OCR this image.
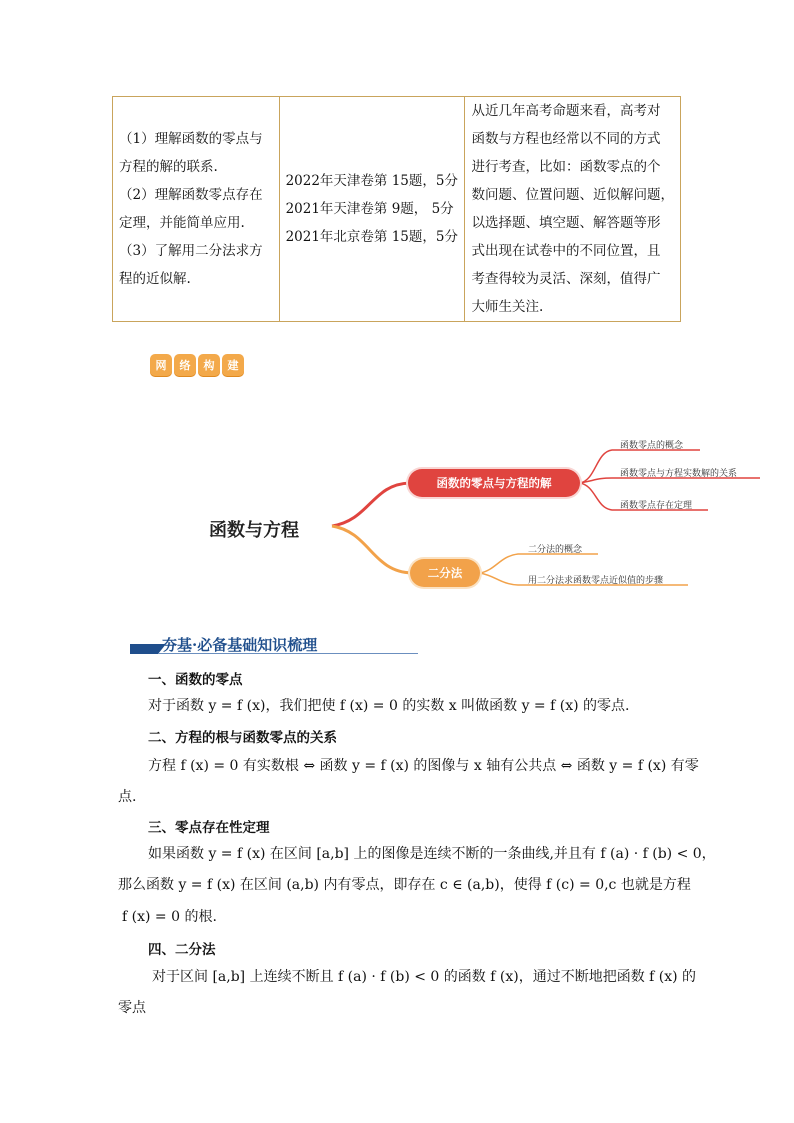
（1）理解函数的零点与
方程的解的联系.
（2）理解函数零点存在
定理，并能简单应用.
（3）了解用二分法求方
程的近似解.

2022年天津卷第 15题，5分
2021年天津卷第 9题， 5分
2021年北京卷第 15题，5分

从近几年高考命题来看，高考对
函数与方程也经常以不同的方式
进行考查，比如：函数零点的个
数问题、位置问题、近似解问题，
以选择题、填空题、解答题等形
式出现在试卷中的不同位置，且
考查得较为灵活、深刻，值得广
大师生关注.
网	络	构	建
函数与方程
函数的零点与方程的解
二分法
函数零点的概念
函数零点与方程实数解的关系
函数零点存在定理
二分法的概念
用二分法求函数零点近似值的步骤
夯基·必备基础知识梳理
一、函数的零点
对于函数 y = f (x)，我们把使 f (x) = 0 的实数 x 叫做函数 y = f (x) 的零点.
二、方程的根与函数零点的关系
方程 f (x) = 0 有实数根 ⇔ 函数 y = f (x) 的图像与 x 轴有公共点 ⇔ 函数 y = f (x) 有零
点.
三、零点存在性定理
如果函数 y = f (x) 在区间 [a,b] 上的图像是连续不断的一条曲线,并且有 f (a) · f (b) < 0，
那么函数 y = f (x) 在区间 (a,b) 内有零点，即存在 c ∈ (a,b)，使得 f (c) = 0,c 也就是方程
f (x) = 0 的根.
四、二分法
对于区间 [a,b] 上连续不断且 f (a) · f (b) < 0 的函数 f (x)，通过不断地把函数 f (x) 的
零点
